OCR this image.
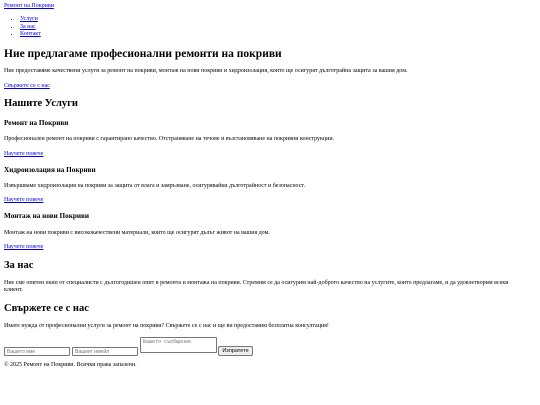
Ремонт на Покриви
• Услуги
• За нас
• Контакт
Ние предлагаме професионални ремонти на покриви

Ние предоставяме качествени услуги за ремонт на покриви, монтаж на нови покриви и хидроизолация, които ще осигурят дълготрайна защита за вашия дом.

Свържете се с нас
Нашите Услуги
Ремонт на Покриви

Професионален ремонт на покриви с гарантирано качество. Отстраняване на течове и възстановяване на покривни конструкции.

Научете повече
Хидроизолация на Покриви

Извършваме хидроизолация на покриви за защита от влага и замръзване, осигурявайки дълготрайност и безопасност.

Научете повече
Монтаж на нови Покриви

Монтаж на нови покриви с висококачествени материали, които ще осигурят дълъг живот на вашия дом.

Научете повече
За нас

Ние сме опитен екип от специалисти с дългогодишен опит в ремонта и монтажа на покриви. Стремим се да осигурим най-доброто качество на услугите, които предлагаме, и да удовлетворим всеки клиент.

Свържете се с нас

Имате нужда от професионални услуги за ремонт на покриви? Свържете се с нас и ще ви предоставим безплатна консултация!

Вашето име
Вашият имейл
Вашето съобщение
Изпратете

© 2025 Ремонт на Покриви. Всички права запазени.
